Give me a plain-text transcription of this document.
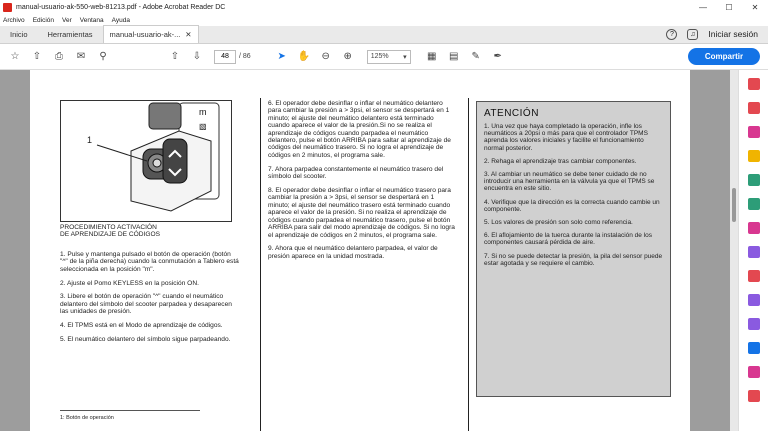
manual-usuario-ak-550-web-81213.pdf - Adobe Acrobat Reader DC	—	☐	✕
Archivo Edición Ver Ventana Ayuda
Inicio	Herramientas	manual-usuario-ak-... ✕	?	♫	Iniciar sesión
☆	⇧	⎙	✉	⚲	⇧	⇩
48	/ 86	➤	✋	⊖	⊕	125% ▾	▦	▤	✎	✒	Compartir
m
▧
1

PROCEDIMIENTO ACTIVACIÓN
DE APRENDIZAJE DE CÓDIGOS

1. Pulse y mantenga pulsado el botón de operación (botón "^" de la piña derecha) cuando la conmutación a Tablero está seleccionada en la posición "m".

2. Ajuste el Pomo KEYLESS en la posición ON.

3. Libere el botón de operación "^" cuando el neumático delantero del símbolo del scooter parpadea y desaparecen las unidades de presión.

4. El TPMS está en el Modo de aprendizaje de códigos.

5. El neumático delantero del símbolo sigue parpadeando.

6. El operador debe desinflar o inflar el neumático delantero para cambiar la presión a > 3psi, el sensor se despertará en 1 minuto; el ajuste del neumático delantero está terminado cuando aparece el valor de la presión.Si no se realiza el aprendizaje de códigos cuando parpadea el neumático delantero, pulse el botón ARRIBA para saltar al aprendizaje de códigos del neumático trasero. Si no logra el aprendizaje de códigos en 2 minutos, el programa sale.

7. Ahora parpadea constantemente el neumático trasero del símbolo del scooter.

8. El operador debe desinflar o inflar el neumático trasero para cambiar la presión a > 3psi, el sensor se despertará en 1 minuto; el ajuste del neumático trasero está terminado cuando aparece el valor de la presión. Si no realiza el aprendizaje de códigos cuando parpadea el neumático trasero, pulse el botón ARRIBA para salir del modo aprendizaje de códigos. Si no logra el aprendizaje de códigos en 2 minutos, el programa sale.

9. Ahora que el neumático delantero parpadea, el valor de presión aparece en la unidad mostrada.

ATENCIÓN

1. Una vez que haya completado la operación, infle los neumáticos a 20psi o más para que el controlador TPMS aprenda los valores iniciales y facilite el funcionamiento normal posterior.

2. Rehaga el aprendizaje tras cambiar componentes.

3. Al cambiar un neumático se debe tener cuidado de no introducir una herramienta en la válvula ya que el TPMS se encuentra en este sitio.

4. Verifique que la dirección es la correcta cuando cambie un componente.

5. Los valores de presión son solo como referencia.

6. El aflojamiento de la tuerca durante la instalación de los componentes causará pérdida de aire.

7. Si no se puede detectar la presión, la pila del sensor puede estar agotada y se requiere el cambio.

1: Botón de operación
